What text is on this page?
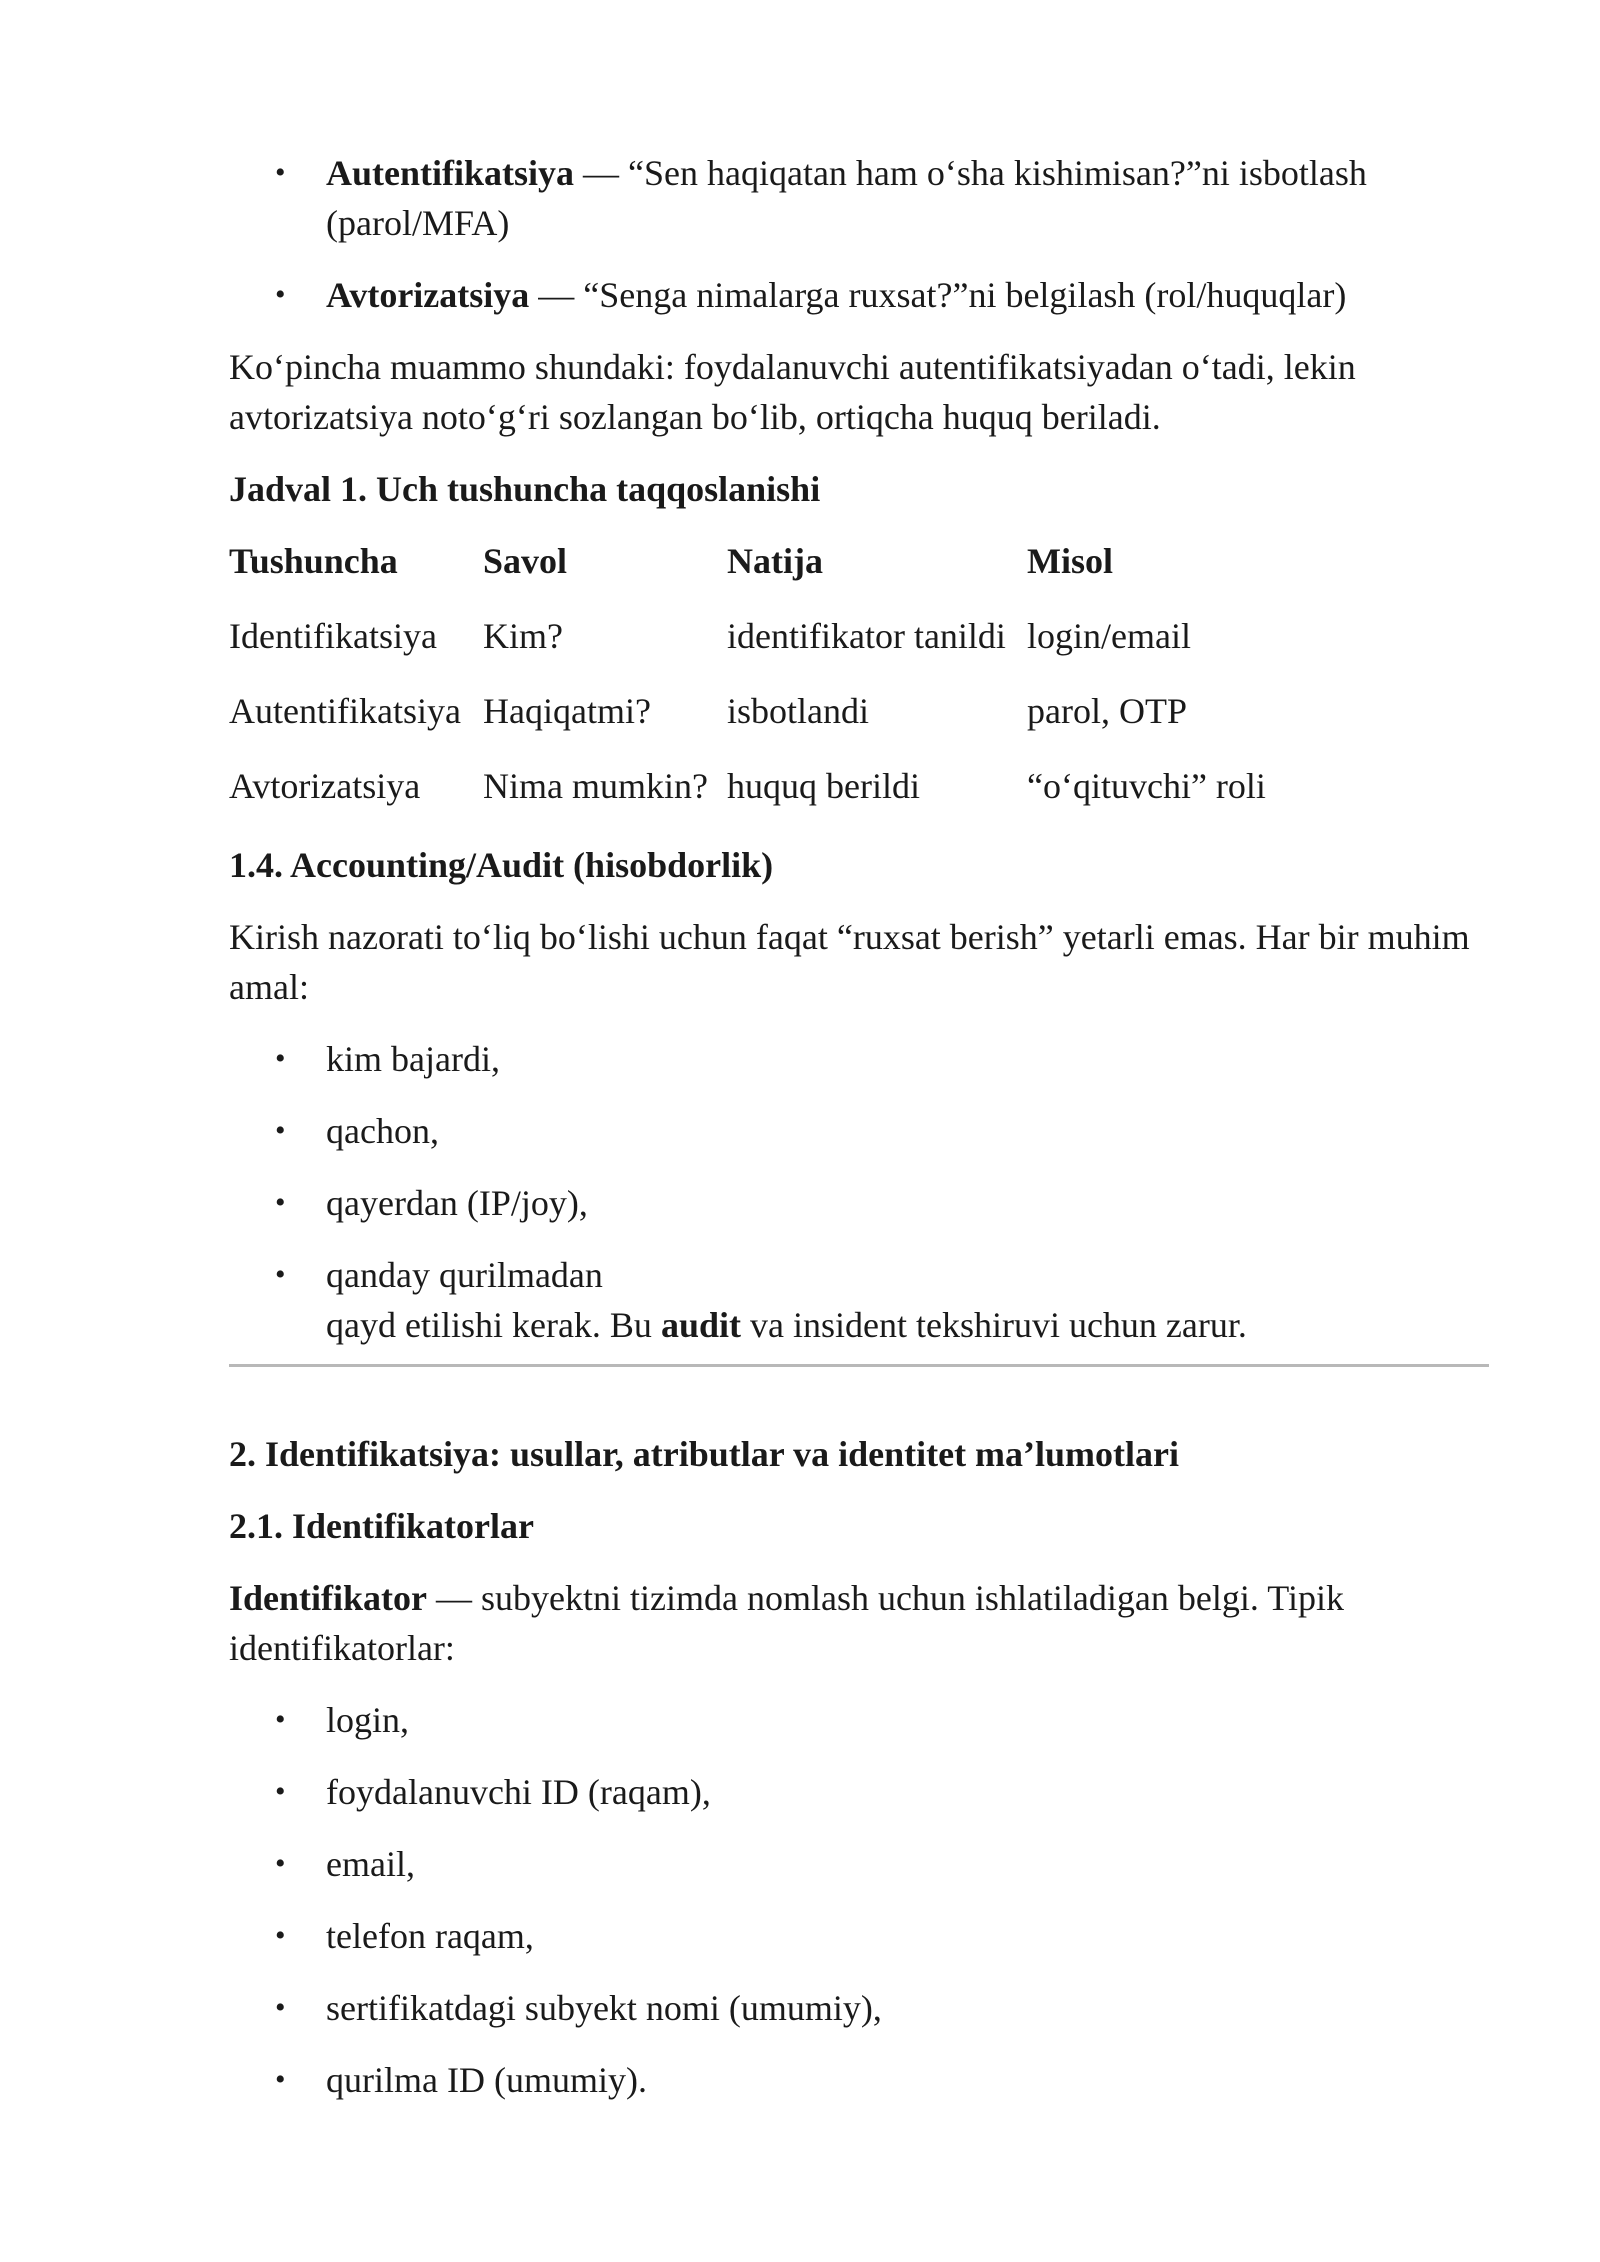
• Autentifikatsiya — “Sen haqiqatan ham o‘sha kishimisan?”ni isbotlash (parol/MFA)
• Avtorizatsiya — “Senga nimalarga ruxsat?”ni belgilash (rol/huquqlar)

Ko‘pincha muammo shundaki: foydalanuvchi autentifikatsiyadan o‘tadi, lekin avtorizatsiya noto‘g‘ri sozlangan bo‘lib, ortiqcha huquq beriladi.

Jadval 1. Uch tushuncha taqqoslanishi

Tushuncha	Savol	Natija	Misol
Identifikatsiya	Kim?	identifikator tanildi	login/email
Autentifikatsiya	Haqiqatmi?	isbotlandi	parol, OTP
Avtorizatsiya	Nima mumkin?	huquq berildi	“o‘qituvchi” roli

1.4. Accounting/Audit (hisobdorlik)

Kirish nazorati to‘liq bo‘lishi uchun faqat “ruxsat berish” yetarli emas. Har bir muhim amal:

• kim bajardi,
• qachon,
• qayerdan (IP/joy),
• qanday qurilmadan
qayd etilishi kerak. Bu audit va insident tekshiruvi uchun zarur.

2. Identifikatsiya: usullar, atributlar va identitet ma’lumotlari

2.1. Identifikatorlar

Identifikator — subyektni tizimda nomlash uchun ishlatiladigan belgi. Tipik identifikatorlar:

• login,
• foydalanuvchi ID (raqam),
• email,
• telefon raqam,
• sertifikatdagi subyekt nomi (umumiy),
• qurilma ID (umumiy).
